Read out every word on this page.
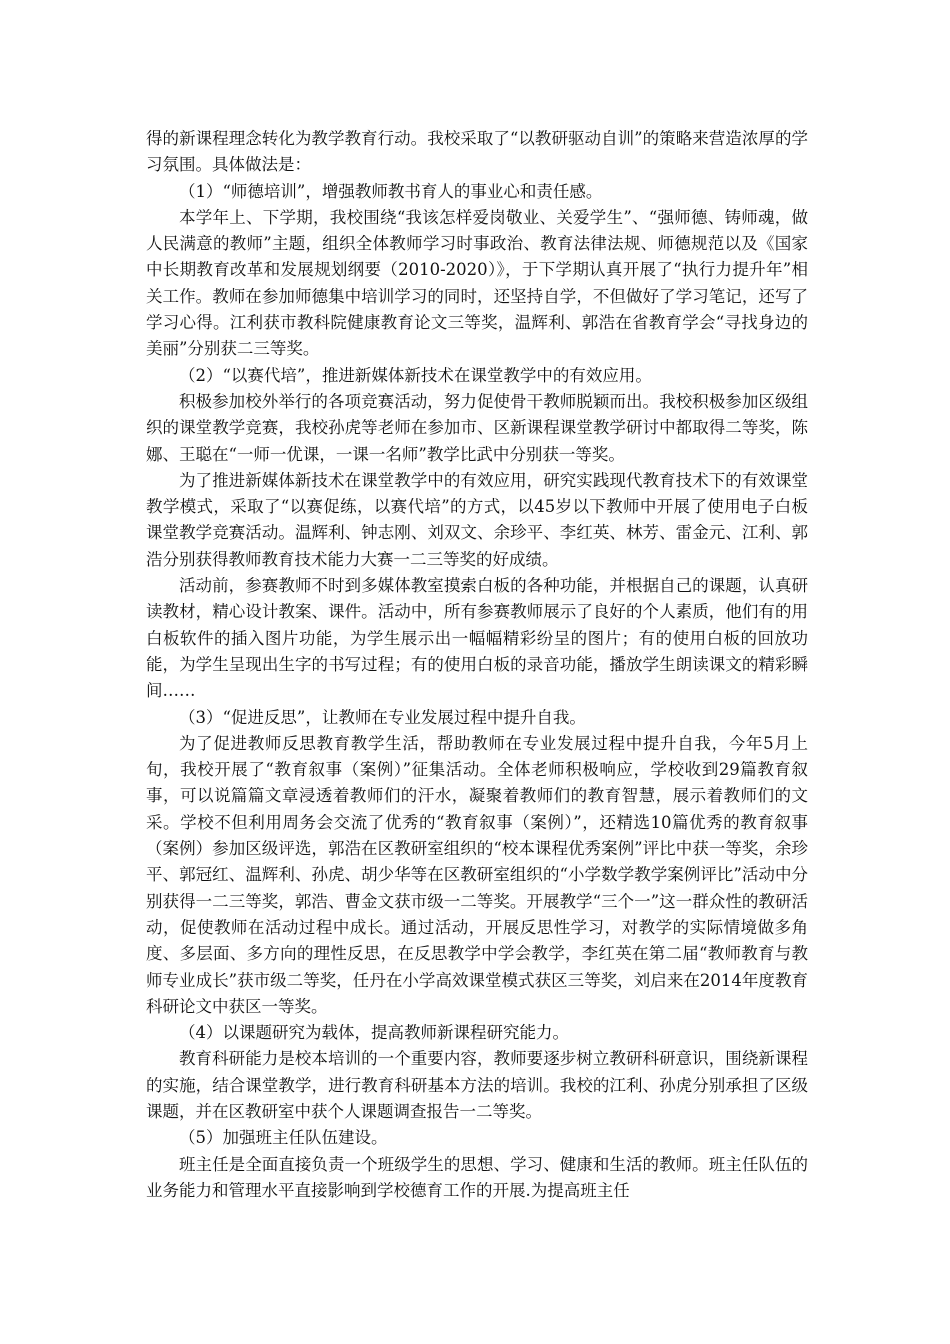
得的新课程理念转化为教学教育行动。我校采取了“以教研驱动自训”的策略来营造浓厚的学习氛围。具体做法是：

（1）“师德培训”，增强教师教书育人的事业心和责任感。

本学年上、下学期，我校围绕“我该怎样爱岗敬业、关爱学生”、“强师德、铸师魂，做人民满意的教师”主题，组织全体教师学习时事政治、教育法律法规、师德规范以及《国家中长期教育改革和发展规划纲要（2010-2020）》，于下学期认真开展了“执行力提升年”相关工作。教师在参加师德集中培训学习的同时，还坚持自学，不但做好了学习笔记，还写了学习心得。江利获市教科院健康教育论文三等奖，温辉利、郭浩在省教育学会“寻找身边的美丽”分别获二三等奖。

（2）“以赛代培”，推进新媒体新技术在课堂教学中的有效应用。

积极参加校外举行的各项竞赛活动，努力促使骨干教师脱颖而出。我校积极参加区级组织的课堂教学竞赛，我校孙虎等老师在参加市、区新课程课堂教学研讨中都取得二等奖，陈娜、王聪在“一师一优课，一课一名师”教学比武中分别获一等奖。

为了推进新媒体新技术在课堂教学中的有效应用，研究实践现代教育技术下的有效课堂教学模式，采取了“以赛促练，以赛代培”的方式，以45岁以下教师中开展了使用电子白板课堂教学竞赛活动。温辉利、钟志刚、刘双文、余珍平、李红英、林芳、雷金元、江利、郭浩分别获得教师教育技术能力大赛一二三等奖的好成绩。

活动前，参赛教师不时到多媒体教室摸索白板的各种功能，并根据自己的课题，认真研读教材，精心设计教案、课件。活动中，所有参赛教师展示了良好的个人素质，他们有的用白板软件的插入图片功能，为学生展示出一幅幅精彩纷呈的图片；有的使用白板的回放功能，为学生呈现出生字的书写过程；有的使用白板的录音功能，播放学生朗读课文的精彩瞬间……

（3）“促进反思”，让教师在专业发展过程中提升自我。

为了促进教师反思教育教学生活，帮助教师在专业发展过程中提升自我，今年5月上旬，我校开展了“教育叙事（案例）”征集活动。全体老师积极响应，学校收到29篇教育叙事，可以说篇篇文章浸透着教师们的汗水，凝聚着教师们的教育智慧，展示着教师们的文采。学校不但利用周务会交流了优秀的“教育叙事（案例）”，还精选10篇优秀的教育叙事（案例）参加区级评选，郭浩在区教研室组织的“校本课程优秀案例”评比中获一等奖，余珍平、郭冠红、温辉利、孙虎、胡少华等在区教研室组织的“小学数学教学案例评比”活动中分别获得一二三等奖，郭浩、曹金文获市级一二等奖。开展教学“三个一”这一群众性的教研活动，促使教师在活动过程中成长。通过活动，开展反思性学习，对教学的实际情境做多角度、多层面、多方向的理性反思，在反思教学中学会教学，李红英在第二届“教师教育与教师专业成长”获市级二等奖，任丹在小学高效课堂模式获区三等奖，刘启来在2014年度教育科研论文中获区一等奖。

（4）以课题研究为载体，提高教师新课程研究能力。

教育科研能力是校本培训的一个重要内容，教师要逐步树立教研科研意识，围绕新课程的实施，结合课堂教学，进行教育科研基本方法的培训。我校的江利、孙虎分别承担了区级课题，并在区教研室中获个人课题调查报告一二等奖。

（5）加强班主任队伍建设。

班主任是全面直接负责一个班级学生的思想、学习、健康和生活的教师。班主任队伍的业务能力和管理水平直接影响到学校德育工作的开展.为提高班主任
